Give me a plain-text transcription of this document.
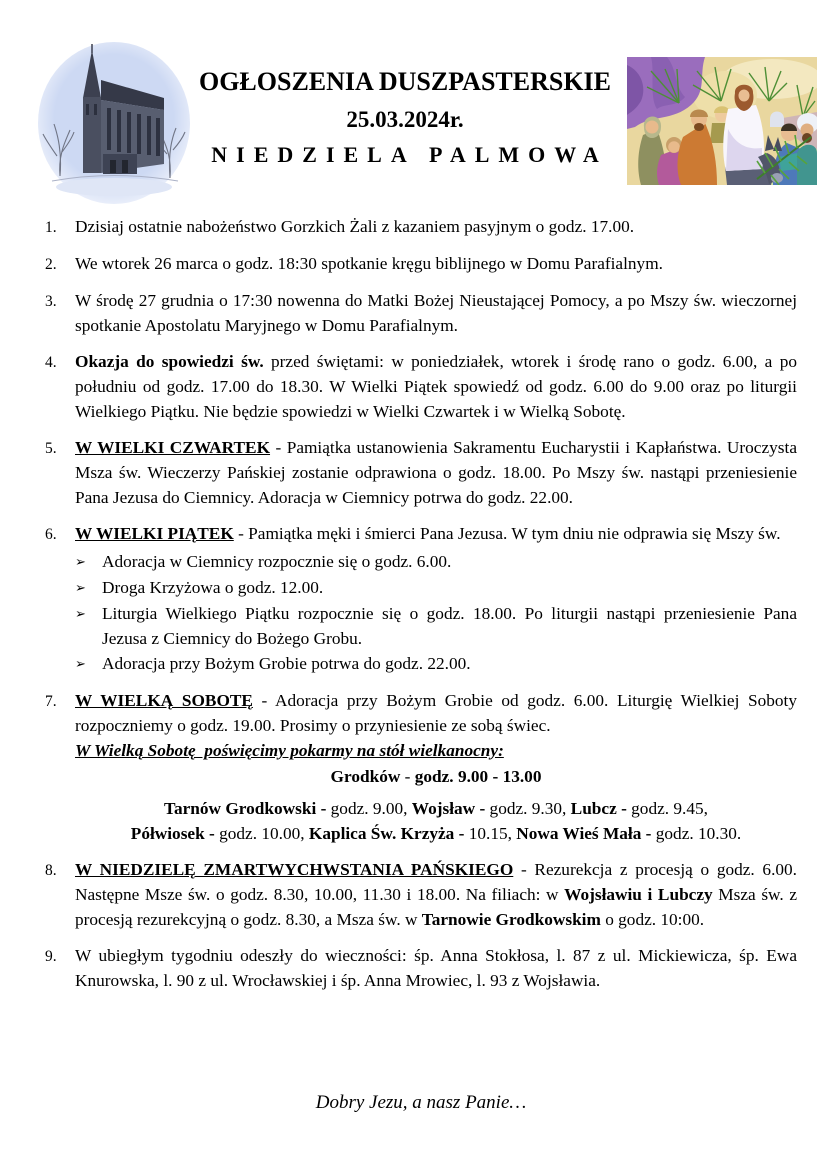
OGŁOSZENIA DUSZPASTERSKIE
25.03.2024r.
NIEDZIELA PALMOWA
1.	Dzisiaj ostatnie nabożeństwo Gorzkich Żali z kazaniem pasyjnym o godz. 17.00.
2.	We wtorek 26 marca o godz. 18:30 spotkanie kręgu biblijnego w Domu Parafialnym.
3.	W środę 27 grudnia o 17:30 nowenna do Matki Bożej Nieustającej Pomocy, a po Mszy św. wieczornej spotkanie Apostolatu Maryjnego w Domu Parafialnym.
4.	Okazja do spowiedzi św. przed świętami: w poniedziałek, wtorek i środę rano o godz. 6.00, a po południu od godz. 17.00 do 18.30. W Wielki Piątek spowiedź od godz. 6.00 do 9.00 oraz po liturgii Wielkiego Piątku. Nie będzie spowiedzi w Wielki Czwartek i w Wielką Sobotę.
5.	W WIELKI CZWARTEK - Pamiątka ustanowienia Sakramentu Eucharystii i Kapłaństwa. Uroczysta Msza św. Wieczerzy Pańskiej zostanie odprawiona o godz. 18.00. Po Mszy św. nastąpi przeniesienie Pana Jezusa do Ciemnicy. Adoracja w Ciemnicy potrwa do godz. 22.00.
6.	W WIELKI PIĄTEK - Pamiątka męki i śmierci Pana Jezusa. W tym dniu nie odprawia się Mszy św.
➢ Adoracja w Ciemnicy rozpocznie się o godz. 6.00.
➢ Droga Krzyżowa o godz. 12.00.
➢ Liturgia Wielkiego Piątku rozpocznie się o godz. 18.00. Po liturgii nastąpi przeniesienie Pana Jezusa z Ciemnicy do Bożego Grobu.
➢ Adoracja przy Bożym Grobie potrwa do godz. 22.00.
7.	W WIELKĄ SOBOTĘ - Adoracja przy Bożym Grobie od godz. 6.00. Liturgię Wielkiej Soboty rozpoczniemy o godz. 19.00. Prosimy o przyniesienie ze sobą świec.
W Wielką Sobotę  poświęcimy pokarmy na stół wielkanocny:
Grodków - godz. 9.00 - 13.00
Tarnów Grodkowski - godz. 9.00, Wojsław - godz. 9.30, Lubcz - godz. 9.45,
Półwiosek - godz. 10.00, Kaplica Św. Krzyża - 10.15, Nowa Wieś Mała - godz. 10.30.
8.	W NIEDZIELĘ ZMARTWYCHWSTANIA PAŃSKIEGO - Rezurekcja z procesją o godz. 6.00. Następne Msze św. o godz. 8.30, 10.00, 11.30 i 18.00. Na filiach: w Wojsławiu i Lubczy Msza św. z procesją rezurekcyjną o godz. 8.30, a Msza św. w Tarnowie Grodkowskim o godz. 10:00.
9.	W ubiegłym tygodniu odeszły do wieczności: śp. Anna Stokłosa, l. 87 z ul. Mickiewicza, śp. Ewa Knurowska, l. 90 z ul. Wrocławskiej i śp. Anna Mrowiec, l. 93 z Wojsławia.
Dobry Jezu, a nasz Panie…
